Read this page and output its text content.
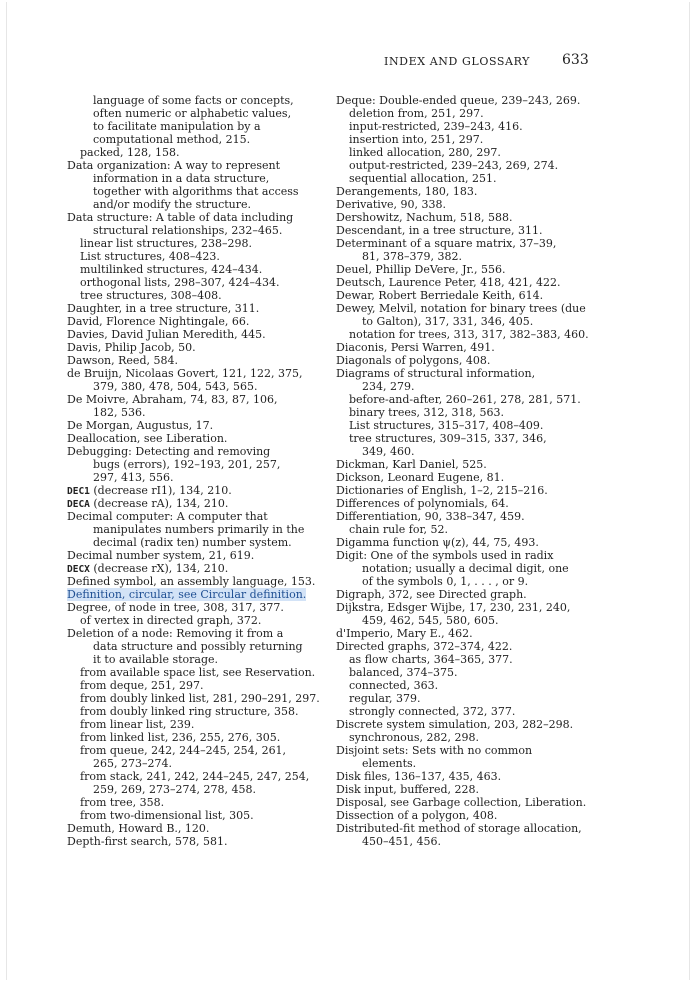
INDEX AND GLOSSARY	633
language of some facts or concepts,
often numeric or alphabetic values,
to facilitate manipulation by a
computational method, 215.
packed, 128, 158.
Data organization: A way to represent
information in a data structure,
together with algorithms that access
and/or modify the structure.
Data structure: A table of data including
structural relationships, 232–465.
linear list structures, 238–298.
List structures, 408–423.
multilinked structures, 424–434.
orthogonal lists, 298–307, 424–434.
tree structures, 308–408.
Daughter, in a tree structure, 311.
David, Florence Nightingale, 66.
Davies, David Julian Meredith, 445.
Davis, Philip Jacob, 50.
Dawson, Reed, 584.
de Bruijn, Nicolaas Govert, 121, 122, 375,
379, 380, 478, 504, 543, 565.
De Moivre, Abraham, 74, 83, 87, 106,
182, 536.
De Morgan, Augustus, 17.
Deallocation, see Liberation.
Debugging: Detecting and removing
bugs (errors), 192–193, 201, 257,
297, 413, 556.
DEC1 (decrease rI1), 134, 210.
DECA (decrease rA), 134, 210.
Decimal computer: A computer that
manipulates numbers primarily in the
decimal (radix ten) number system.
Decimal number system, 21, 619.
DECX (decrease rX), 134, 210.
Defined symbol, an assembly language, 153.
Definition, circular, see Circular definition.
Degree, of node in tree, 308, 317, 377.
of vertex in directed graph, 372.
Deletion of a node: Removing it from a
data structure and possibly returning
it to available storage.
from available space list, see Reservation.
from deque, 251, 297.
from doubly linked list, 281, 290–291, 297.
from doubly linked ring structure, 358.
from linear list, 239.
from linked list, 236, 255, 276, 305.
from queue, 242, 244–245, 254, 261,
265, 273–274.
from stack, 241, 242, 244–245, 247, 254,
259, 269, 273–274, 278, 458.
from tree, 358.
from two-dimensional list, 305.
Demuth, Howard B., 120.
Depth-first search, 578, 581.
Deque: Double-ended queue, 239–243, 269.
deletion from, 251, 297.
input-restricted, 239–243, 416.
insertion into, 251, 297.
linked allocation, 280, 297.
output-restricted, 239–243, 269, 274.
sequential allocation, 251.
Derangements, 180, 183.
Derivative, 90, 338.
Dershowitz, Nachum, 518, 588.
Descendant, in a tree structure, 311.
Determinant of a square matrix, 37–39,
81, 378–379, 382.
Deuel, Phillip DeVere, Jr., 556.
Deutsch, Laurence Peter, 418, 421, 422.
Dewar, Robert Berriedale Keith, 614.
Dewey, Melvil, notation for binary trees (due
to Galton), 317, 331, 346, 405.
notation for trees, 313, 317, 382–383, 460.
Diaconis, Persi Warren, 491.
Diagonals of polygons, 408.
Diagrams of structural information,
234, 279.
before-and-after, 260–261, 278, 281, 571.
binary trees, 312, 318, 563.
List structures, 315–317, 408–409.
tree structures, 309–315, 337, 346,
349, 460.
Dickman, Karl Daniel, 525.
Dickson, Leonard Eugene, 81.
Dictionaries of English, 1–2, 215–216.
Differences of polynomials, 64.
Differentiation, 90, 338–347, 459.
chain rule for, 52.
Digamma function ψ(z), 44, 75, 493.
Digit: One of the symbols used in radix
notation; usually a decimal digit, one
of the symbols 0, 1, . . . , or 9.
Digraph, 372, see Directed graph.
Dijkstra, Edsger Wijbe, 17, 230, 231, 240,
459, 462, 545, 580, 605.
d'Imperio, Mary E., 462.
Directed graphs, 372–374, 422.
as flow charts, 364–365, 377.
balanced, 374–375.
connected, 363.
regular, 379.
strongly connected, 372, 377.
Discrete system simulation, 203, 282–298.
synchronous, 282, 298.
Disjoint sets: Sets with no common
elements.
Disk files, 136–137, 435, 463.
Disk input, buffered, 228.
Disposal, see Garbage collection, Liberation.
Dissection of a polygon, 408.
Distributed-fit method of storage allocation,
450–451, 456.
